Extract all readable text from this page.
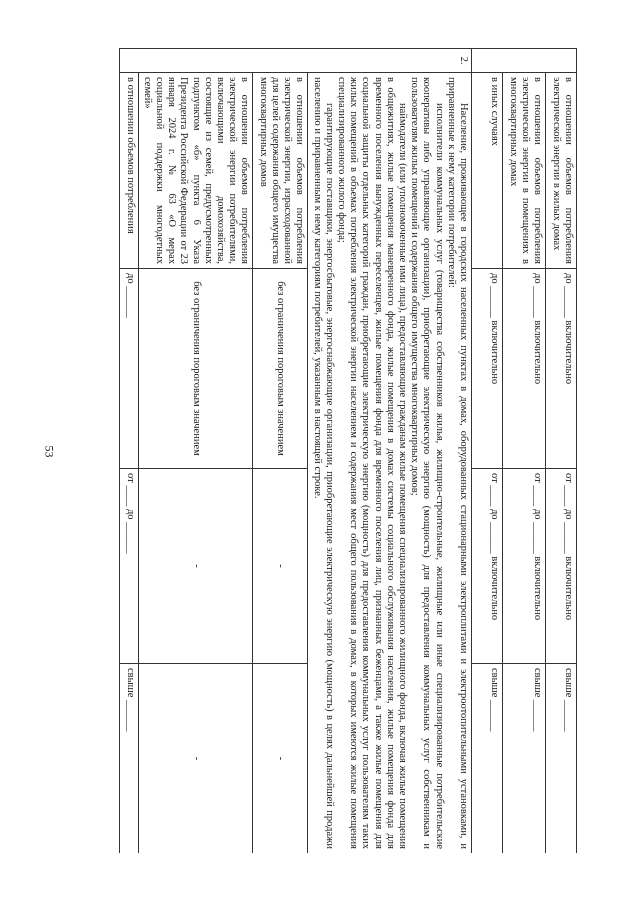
53
	в отношении объемов потребления электрической энергии в жилых домах	до ______ включительно	от ____ до ______ включительно	свыше ______
	в отношении объемов потребления электрической энергии в помещениях в многоквартирных домах	до ______ включительно	от ____ до ______ включительно	свыше ______
	в иных случаях	до ______ включительно	от ____ до ______ включительно	свыше ______
2.	Население, проживающее в городских населенных пунктах в домах, оборудованных стационарными электроплитами и электроотопительными установками, и приравненные к нему категории потребителей:

исполнители коммунальных услуг (товарищества собственников жилья, жилищно-строительные, жилищные или иные специализированные потребительские кооперативы либо управляющие организации), приобретающие электрическую энергию (мощность) для предоставления коммунальных услуг собственникам и пользователям жилых помещений и содержания общего имущества многоквартирных домов;

наймодатели (или уполномоченные ими лица), предоставляющие гражданам жилые помещения специализированного жилищного фонда, включая жилые помещения в общежитиях, жилые помещения маневренного фонда, жилые помещения в домах системы социального обслуживания населения, жилые помещения фонда для временного поселения вынужденных переселенцев, жилые помещения фонда для временного поселения лиц, признанных беженцами, а также жилые помещения для социальной защиты отдельных категорий граждан, приобретающие электрическую энергию (мощность) для предоставления коммунальных услуг пользователям таких жилых помещений в объемах потребления электрической энергии населением и содержания мест общего пользования в домах, в которых имеются жилые помещения специализированного жилого фонда;

гарантирующие поставщики, энергосбытовые, энергоснабжающие организации, приобретающие электрическую энергию (мощность) в целях дальнейшей продажи населению и приравненным к нему категориям потребителей, указанным в настоящей строке.			

	в отношении объемов потребления электрической энергии, израсходованной для целей содержания общего имущества многоквартирных домов	без ограничения пороговым значением	-	-
	в отношении объемов потребления электрической энергии потребителями, включающими домохозяйства, состоящие из семей, предусмотренных подпунктом «б» пункта 6 Указа Президента Российской Федерации от 23 января 2024 г. № 63 «О мерах социальной поддержки многодетных семей»	без ограничения пороговым значением	-	-
	в отношении объемов потребления	до ______	от ____ до ______	свыше ______
